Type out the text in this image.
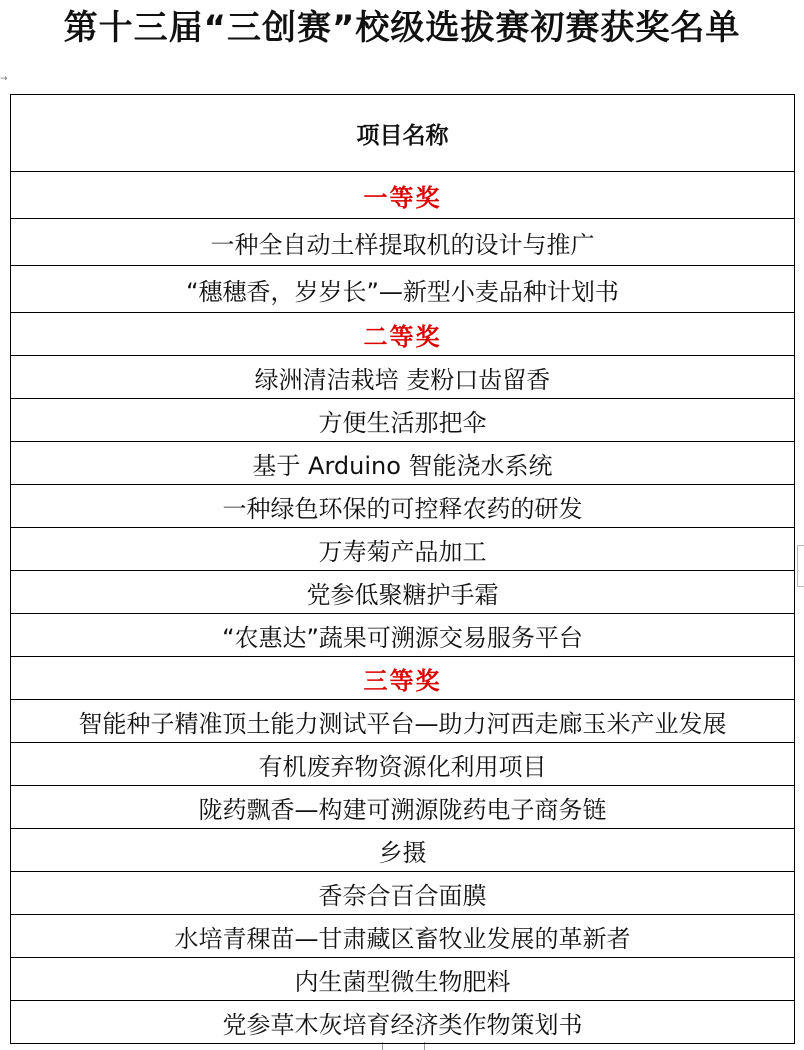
第十三届“三创赛”校级选拔赛初赛获奖名单
→
项目名称
一等奖
一种全自动土样提取机的设计与推广
“穗穗香，岁岁长”—新型小麦品种计划书
二等奖
绿洲清洁栽培 麦粉口齿留香
方便生活那把伞
基于 Arduino 智能浇水系统
一种绿色环保的可控释农药的研发
万寿菊产品加工
党参低聚糖护手霜
“农惠达”蔬果可溯源交易服务平台
三等奖
智能种子精准顶土能力测试平台—助力河西走廊玉米产业发展
有机废弃物资源化利用项目
陇药飘香—构建可溯源陇药电子商务链
乡摄
香奈合百合面膜
水培青稞苗—甘肃藏区畜牧业发展的革新者
内生菌型微生物肥料
党参草木灰培育经济类作物策划书
